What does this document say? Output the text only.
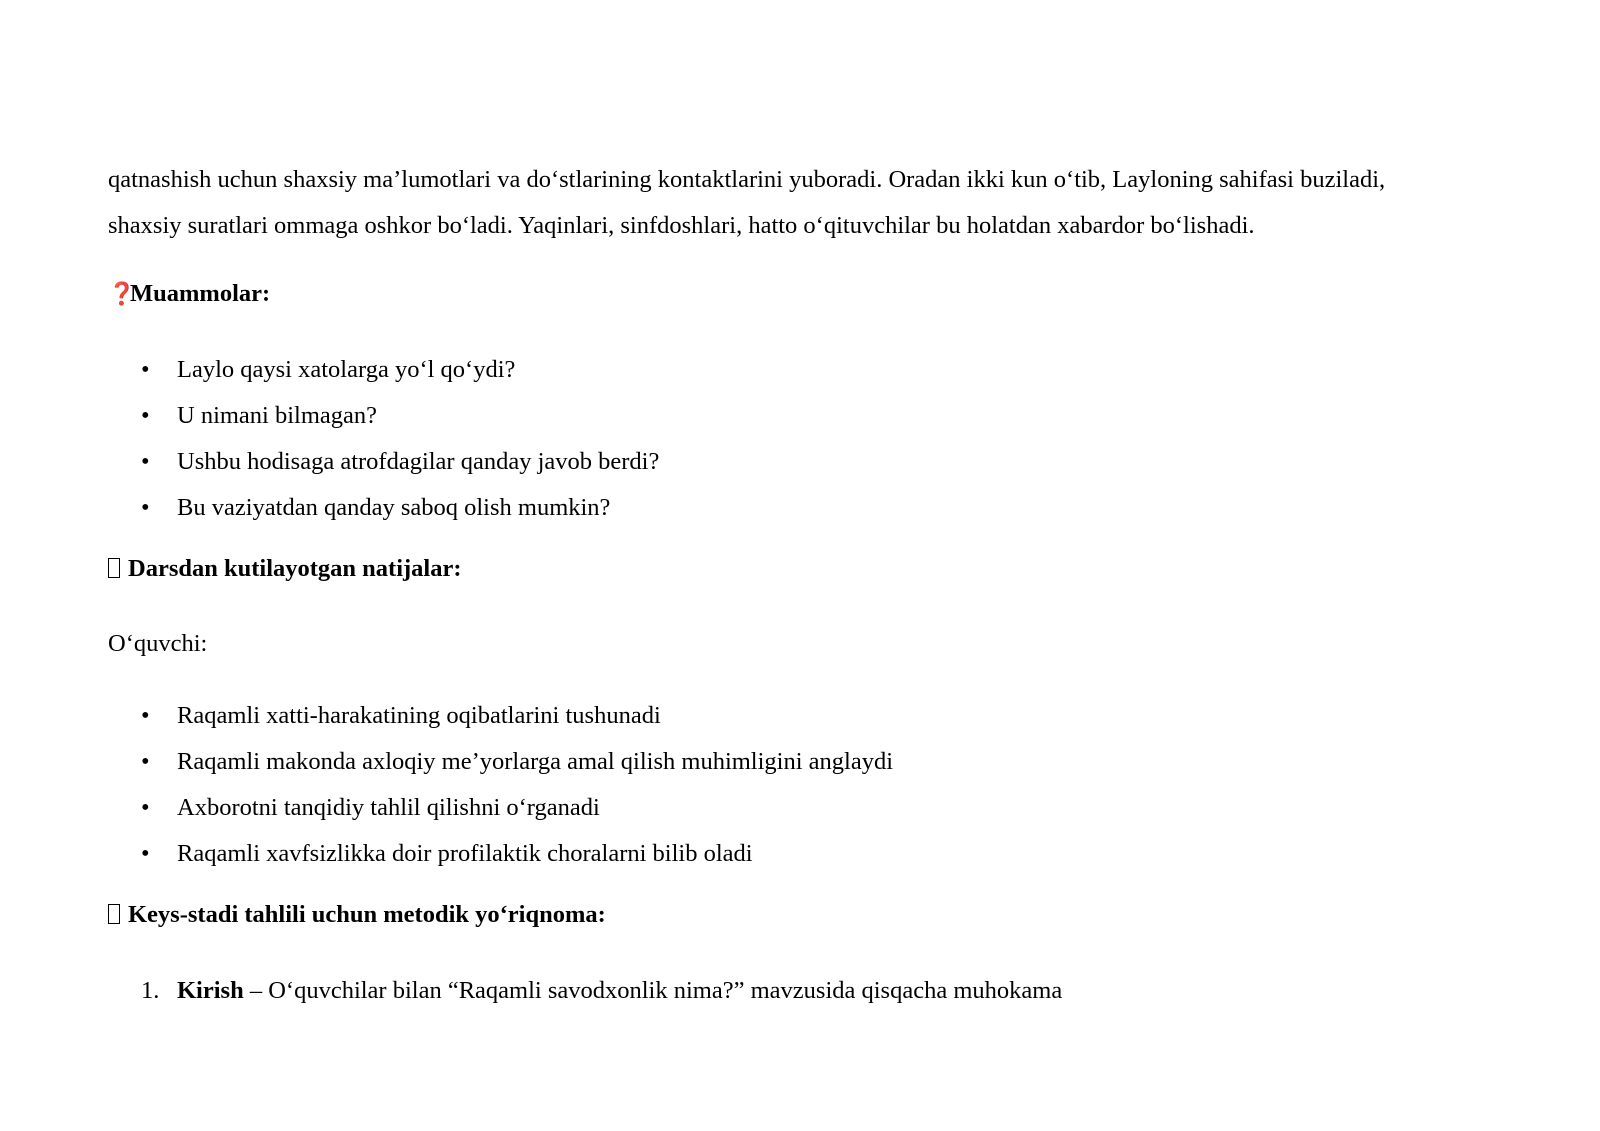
qatnashish uchun shaxsiy ma’lumotlari va do‘stlarining kontaktlarini yuboradi. Oradan ikki kun o‘tib, Layloning sahifasi buziladi,
shaxsiy suratlari ommaga oshkor bo‘ladi. Yaqinlari, sinfdoshlari, hatto o‘qituvchilar bu holatdan xabardor bo‘lishadi.

❓Muammolar:

• Laylo qaysi xatolarga yo‘l qo‘ydi?
• U nimani bilmagan?
• Ushbu hodisaga atrofdagilar qanday javob berdi?
• Bu vaziyatdan qanday saboq olish mumkin?

Darsdan kutilayotgan natijalar:

O‘quvchi:

• Raqamli xatti-harakatining oqibatlarini tushunadi
• Raqamli makonda axloqiy me’yorlarga amal qilish muhimligini anglaydi
• Axborotni tanqidiy tahlil qilishni o‘rganadi
• Raqamli xavfsizlikka doir profilaktik choralarni bilib oladi

Keys-stadi tahlili uchun metodik yo‘riqnoma:

1. Kirish – O‘quvchilar bilan “Raqamli savodxonlik nima?” mavzusida qisqacha muhokama
